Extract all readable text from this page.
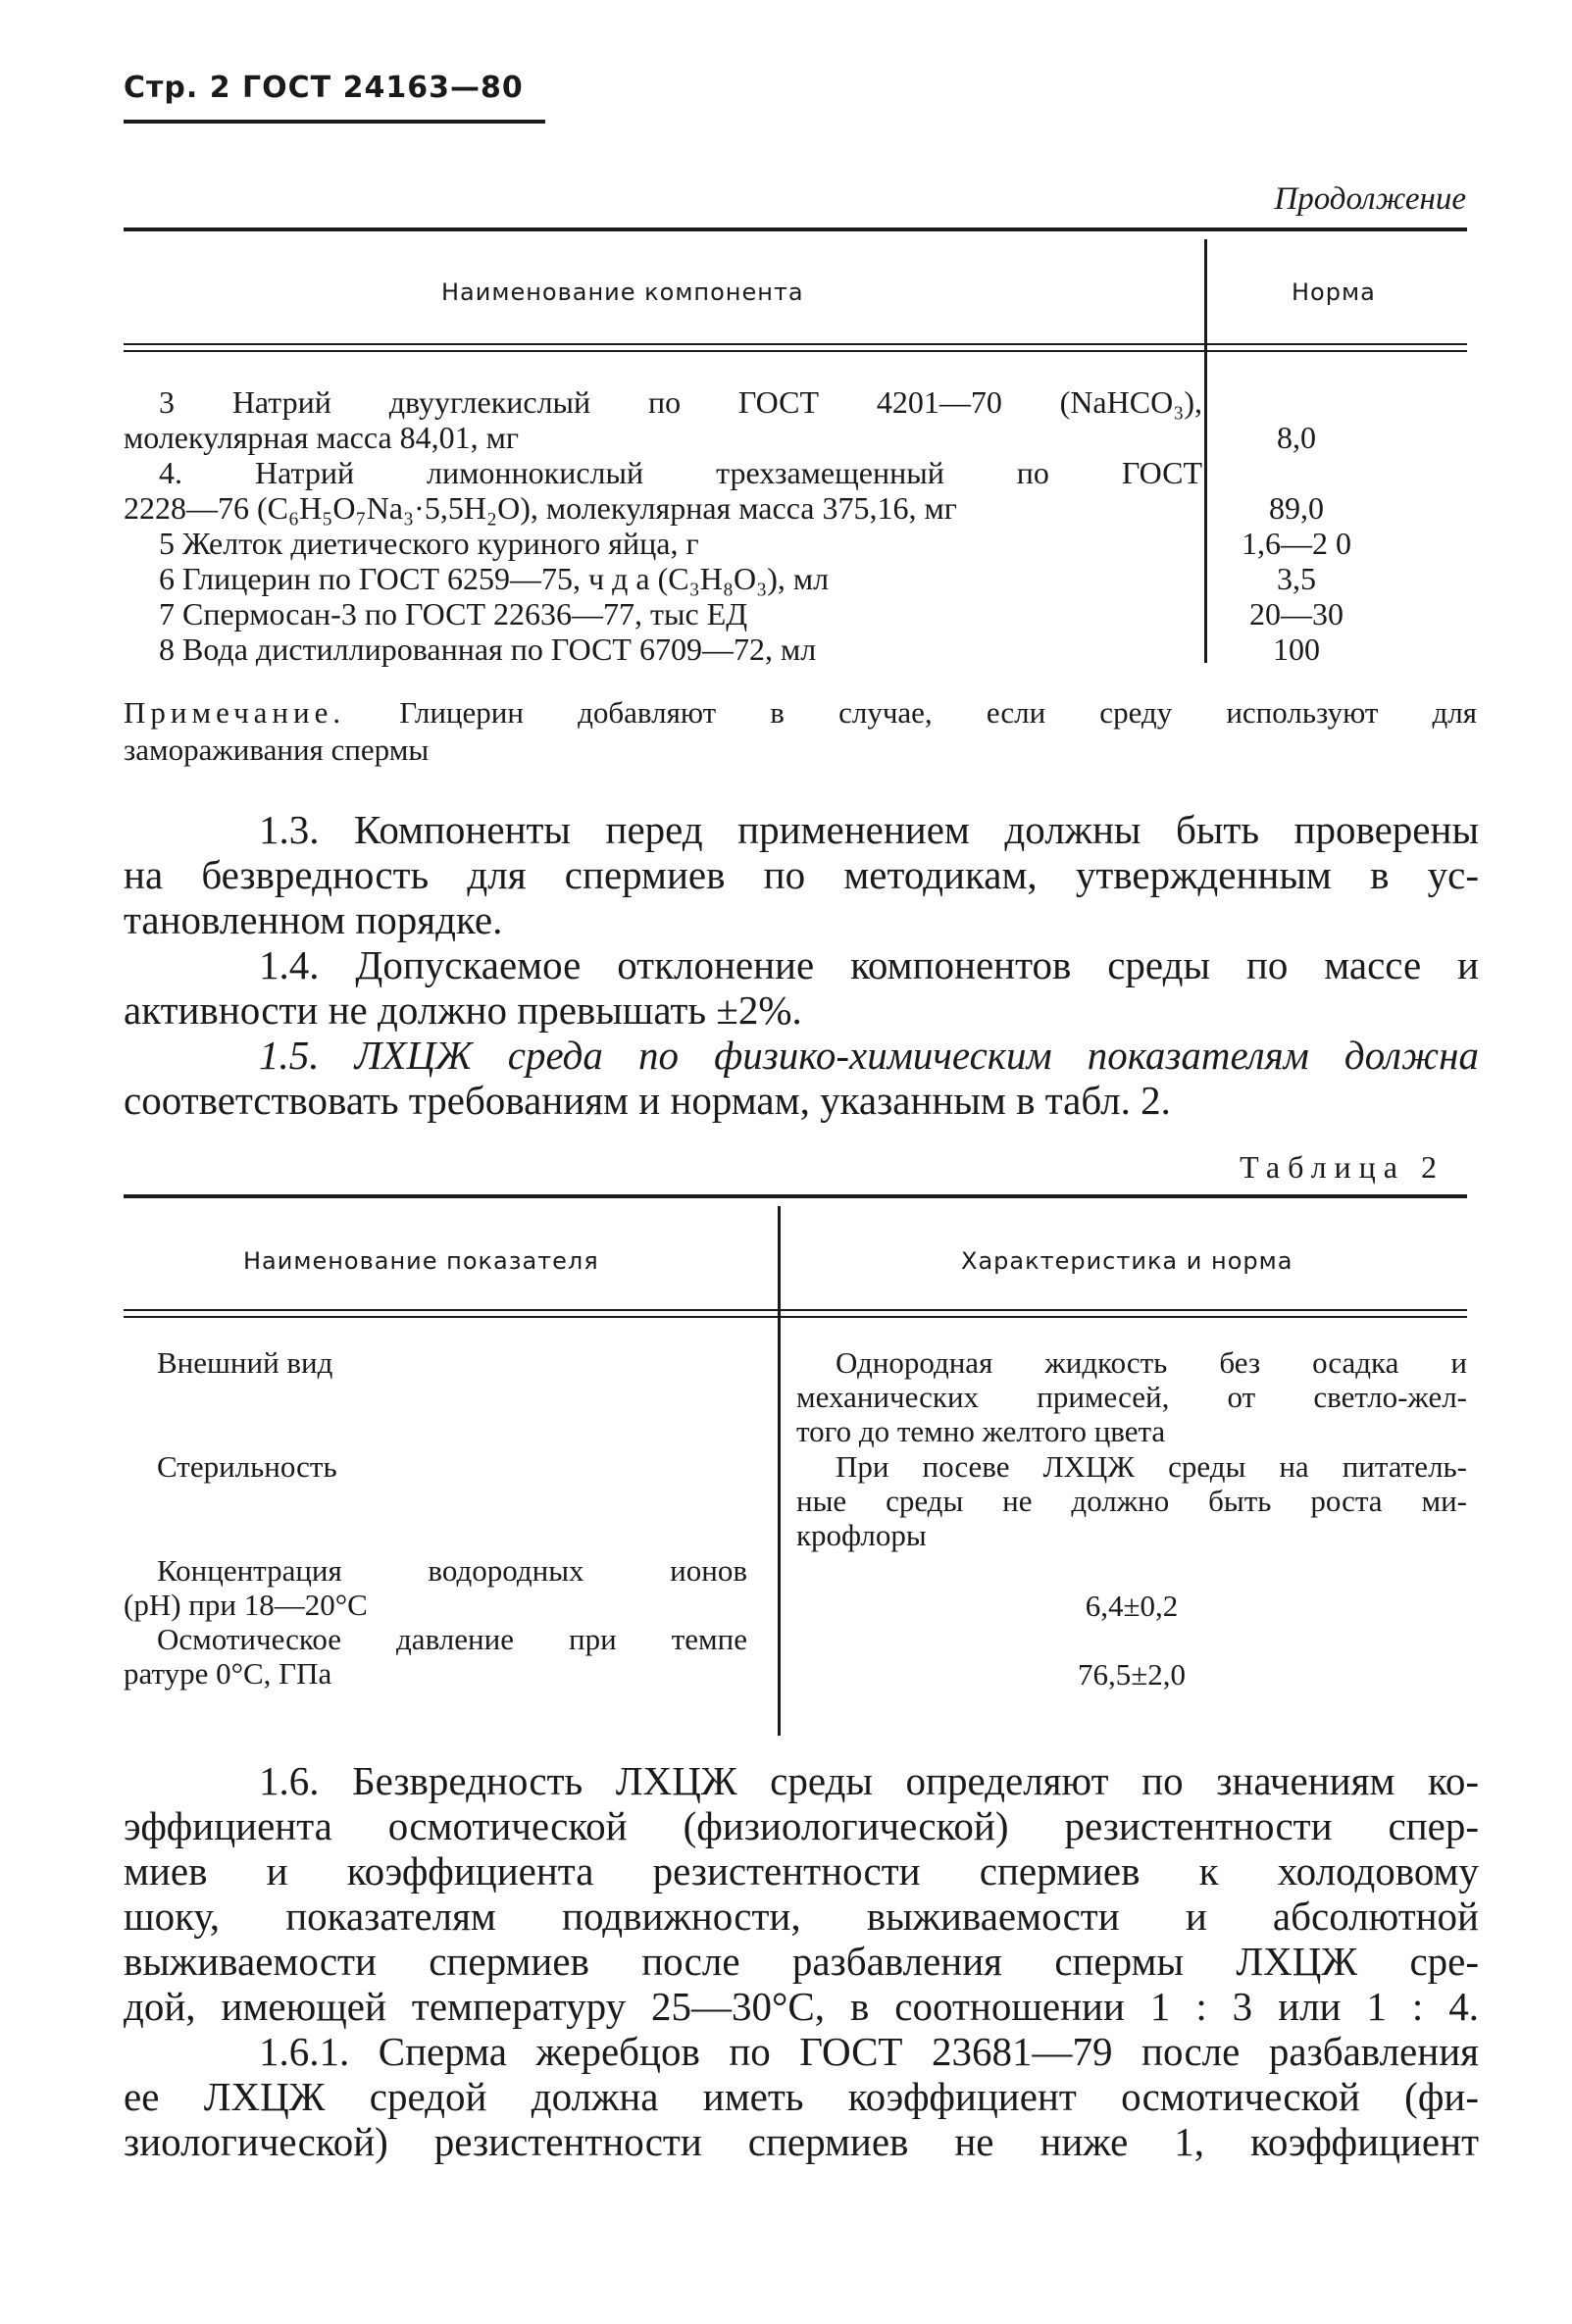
Стр. 2 ГОСТ 24163—80
Продолжение
Наименование компонента	Норма
3 Натрий двууглекислый по ГОСТ 4201—70 (NaHCO₃),
молекулярная масса 84,01, мг
4. Натрий лимоннокислый трехзамещенный по ГОСТ
2228—76 (C₆H₅O₇Na₃·5,5H₂O), молекулярная масса 375,16, мг
5 Желток диетического куриного яйца, г
6 Глицерин по ГОСТ 6259—75, ч д а (C₃H₈O₃), мл
7 Спермосан-3 по ГОСТ 22636—77, тыс ЕД
8 Вода дистиллированная по ГОСТ 6709—72, мл

8,0

89,0
1,6—2 0
3,5
20—30
100
Примечание. Глицерин добавляют в случае, если среду используют для
замораживания спермы
1.3. Компоненты перед применением должны быть проверены
на безвредность для спермиев по методикам, утвержденным в ус-
тановленном порядке.
1.4. Допускаемое отклонение компонентов среды по массе и
активности не должно превышать ±2%.
1.5. ЛХЦЖ среда по физико-химическим показателям должна
соответствовать требованиям и нормам, указанным в табл. 2.
Таблица 2
Наименование показателя	Характеристика и норма
Внешний вид
Стерильность
Концентрация водородных ионов
(pH) при 18—20°C
Осмотическое давление при темпе
ратуре 0°C, ГПа
Однородная жидкость без осадка и
механических примесей, от светло-жел-
того до темно желтого цвета
При посеве ЛХЦЖ среды на питатель-
ные среды не должно быть роста ми-
крофлоры
6,4±0,2
76,5±2,0
1.6. Безвредность ЛХЦЖ среды определяют по значениям ко-
эффициента осмотической (физиологической) резистентности спер-
миев и коэффициента резистентности спермиев к холодовому
шоку, показателям подвижности, выживаемости и абсолютной
выживаемости спермиев после разбавления спермы ЛХЦЖ сре-
дой, имеющей температуру 25—30°C, в соотношении 1 : 3 или 1 : 4.
1.6.1. Сперма жеребцов по ГОСТ 23681—79 после разбавления
ее ЛХЦЖ средой должна иметь коэффициент осмотической (фи-
зиологической) резистентности спермиев не ниже 1, коэффициент
